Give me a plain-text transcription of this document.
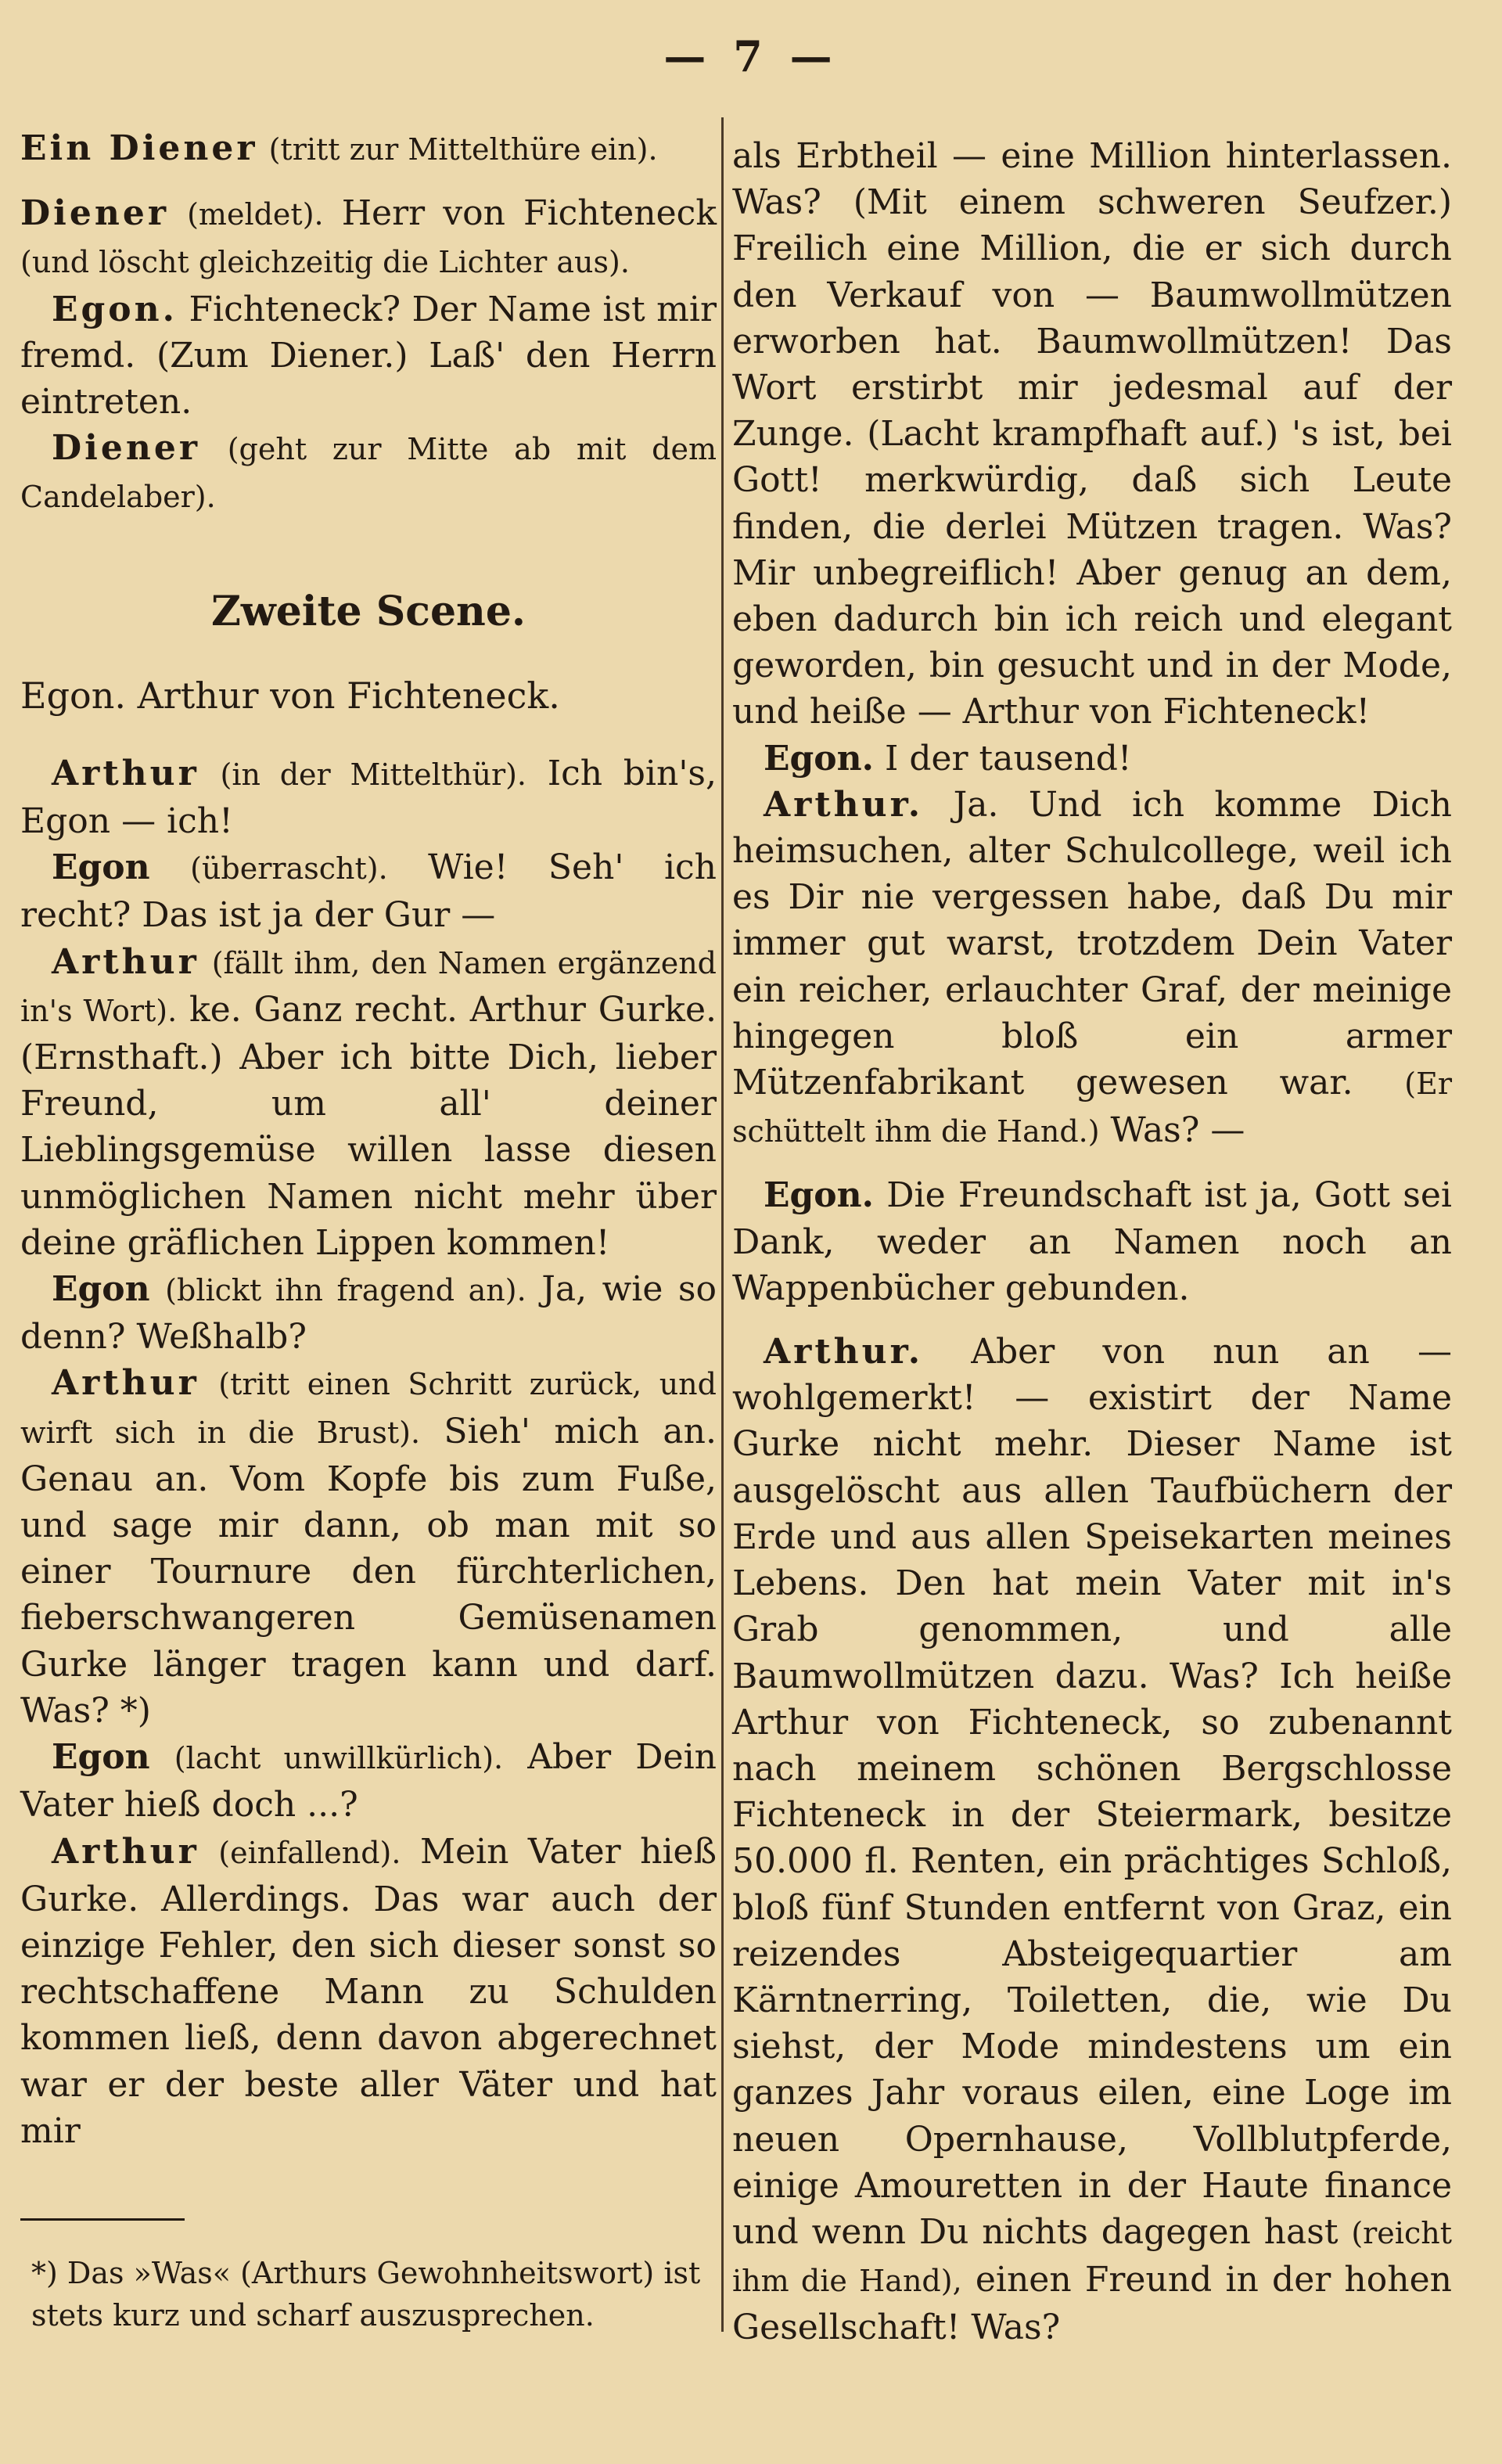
— 7 —

Ein Diener (tritt zur Mittelthüre ein).

Diener (meldet). Herr von Fichteneck (und löscht gleichzeitig die Lichter aus).

Egon. Fichteneck? Der Name ist mir fremd. (Zum Diener.) Laß' den Herrn eintreten.

Diener (geht zur Mitte ab mit dem Candelaber).

Zweite Scene.

Egon. Arthur von Fichteneck.

Arthur (in der Mittelthür). Ich bin's, Egon — ich!

Egon (überrascht). Wie! Seh' ich recht? Das ist ja der Gur —

Arthur (fällt ihm, den Namen ergänzend in's Wort). ke. Ganz recht. Arthur Gurke. (Ernsthaft.) Aber ich bitte Dich, lieber Freund, um all' deiner Lieblingsgemüse willen lasse diesen unmöglichen Namen nicht mehr über deine gräflichen Lippen kommen!

Egon (blickt ihn fragend an). Ja, wie so denn? Weßhalb?

Arthur (tritt einen Schritt zurück, und wirft sich in die Brust). Sieh' mich an. Genau an. Vom Kopfe bis zum Fuße, und sage mir dann, ob man mit so einer Tournure den fürchterlichen, fieberschwangeren Gemüsenamen Gurke länger tragen kann und darf. Was? *)

Egon (lacht unwillkürlich). Aber Dein Vater hieß doch ...?

Arthur (einfallend). Mein Vater hieß Gurke. Allerdings. Das war auch der einzige Fehler, den sich dieser sonst so rechtschaffene Mann zu Schulden kommen ließ, denn davon abgerechnet war er der beste aller Väter und hat mir

als Erbtheil — eine Million hinterlassen. Was? (Mit einem schweren Seufzer.) Freilich eine Million, die er sich durch den Verkauf von — Baumwollmützen erworben hat. Baumwollmützen! Das Wort erstirbt mir jedesmal auf der Zunge. (Lacht krampfhaft auf.) 's ist, bei Gott! merkwürdig, daß sich Leute finden, die derlei Mützen tragen. Was? Mir unbegreiflich! Aber genug an dem, eben dadurch bin ich reich und elegant geworden, bin gesucht und in der Mode, und heiße — Arthur von Fichteneck!

Egon. I der tausend!

Arthur. Ja. Und ich komme Dich heimsuchen, alter Schulcollege, weil ich es Dir nie vergessen habe, daß Du mir immer gut warst, trotzdem Dein Vater ein reicher, erlauchter Graf, der meinige hingegen bloß ein armer Mützenfabrikant gewesen war. (Er schüttelt ihm die Hand.) Was? —

Egon. Die Freundschaft ist ja, Gott sei Dank, weder an Namen noch an Wappenbücher gebunden.

Arthur. Aber von nun an — wohlgemerkt! — existirt der Name Gurke nicht mehr. Dieser Name ist ausgelöscht aus allen Taufbüchern der Erde und aus allen Speisekarten meines Lebens. Den hat mein Vater mit in's Grab genommen, und alle Baumwollmützen dazu. Was? Ich heiße Arthur von Fichteneck, so zubenannt nach meinem schönen Bergschlosse Fichteneck in der Steiermark, besitze 50.000 fl. Renten, ein prächtiges Schloß, bloß fünf Stunden entfernt von Graz, ein reizendes Absteigequartier am Kärntnerring, Toiletten, die, wie Du siehst, der Mode mindestens um ein ganzes Jahr voraus eilen, eine Loge im neuen Opernhause, Vollblutpferde, einige Amouretten in der Haute finance und wenn Du nichts dagegen hast (reicht ihm die Hand), einen Freund in der hohen Gesellschaft! Was?

*) Das »Was« (Arthurs Gewohnheitswort) ist stets kurz und scharf auszusprechen.
